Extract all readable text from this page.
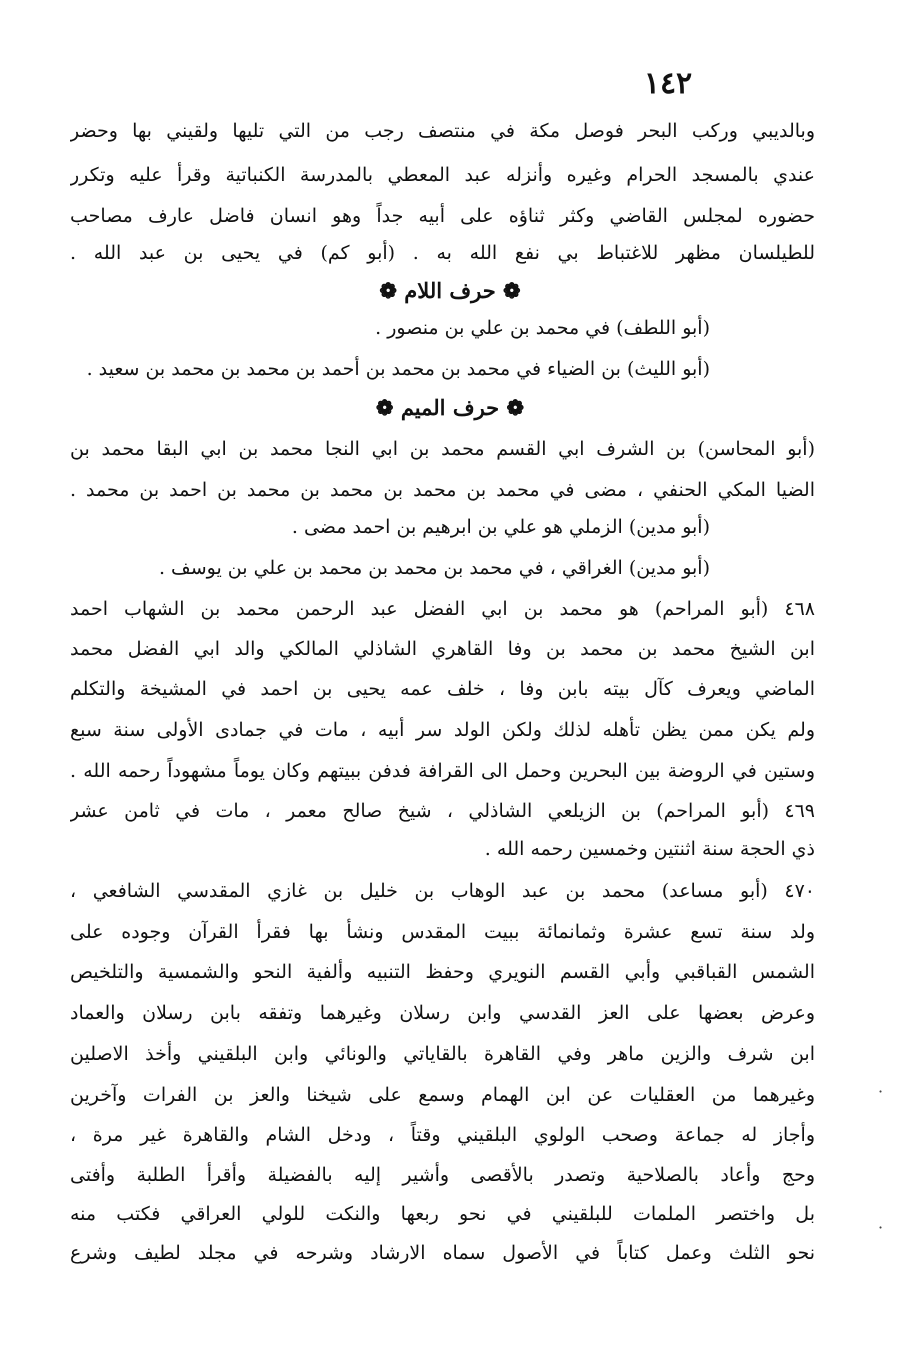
١٤٢
وبالديبي وركب البحر فوصل مكة في منتصف رجب من التي تليها ولقيني بها وحضر
عندي بالمسجد الحرام وغيره وأنزله عبد المعطي بالمدرسة الكنباتية وقرأ عليه وتكرر
حضوره لمجلس القاضي وكثر ثناؤه على أبيه جداً وهو انسان فاضل عارف مصاحب
للطيلسان مظهر للاغتباط بي نفع الله به . (أبو كم) في يحيى بن عبد الله .
❁ حرف اللام ❁
(أبو اللطف) في محمد بن علي بن منصور .
(أبو الليث) بن الضياء في محمد بن محمد بن أحمد بن محمد بن محمد بن سعيد .
❁ حرف الميم ❁
(أبو المحاسن) بن الشرف ابي القسم محمد بن ابي النجا محمد بن ابي البقا محمد بن
الضيا المكي الحنفي ، مضى في محمد بن محمد بن محمد بن محمد بن احمد بن محمد .
(أبو مدين) الزملي هو علي بن ابرهيم بن احمد مضى .
(أبو مدين) الغراقي ، في محمد بن محمد بن محمد بن علي بن يوسف .
٤٦٨ (أبو المراحم) هو محمد بن ابي الفضل عبد الرحمن محمد بن الشهاب احمد
ابن الشيخ محمد بن محمد بن وفا القاهري الشاذلي المالكي والد ابي الفضل محمد
الماضي ويعرف كآل بيته بابن وفا ، خلف عمه يحيى بن احمد في المشيخة والتكلم
ولم يكن ممن يظن تأهله لذلك ولكن الولد سر أبيه ، مات في جمادى الأولى سنة سبع
وستين في الروضة بين البحرين وحمل الى القرافة فدفن ببيتهم وكان يوماً مشهوداً رحمه الله .
٤٦٩ (أبو المراحم) بن الزيلعي الشاذلي ، شيخ صالح معمر ، مات في ثامن عشر
ذي الحجة سنة اثنتين وخمسين رحمه الله .
٤٧٠ (أبو مساعد) محمد بن عبد الوهاب بن خليل بن غازي المقدسي الشافعي ،
ولد سنة تسع عشرة وثمانمائة ببيت المقدس ونشأ بها فقرأ القرآن وجوده على
الشمس القباقبي وأبي القسم النويري وحفظ التنبيه وألفية النحو والشمسية والتلخيص
وعرض بعضها على العز القدسي وابن رسلان وغيرهما وتفقه بابن رسلان والعماد
ابن شرف والزين ماهر وفي القاهرة بالقاياتي والونائي وابن البلقيني وأخذ الاصلين
وغيرهما من العقليات عن ابن الهمام وسمع على شيخنا والعز بن الفرات وآخرين
وأجاز له جماعة وصحب الولوي البلقيني وقتاً ، ودخل الشام والقاهرة غير مرة ،
وحج وأعاد بالصلاحية وتصدر بالأقصى وأشير إليه بالفضيلة وأقرأ الطلبة وأفتى
بل واختصر الملمات للبلقيني في نحو ربعها والنكت للولي العراقي فكتب منه
نحو الثلث وعمل كتاباً في الأصول سماه الارشاد وشرحه في مجلد لطيف وشرع
·
·
